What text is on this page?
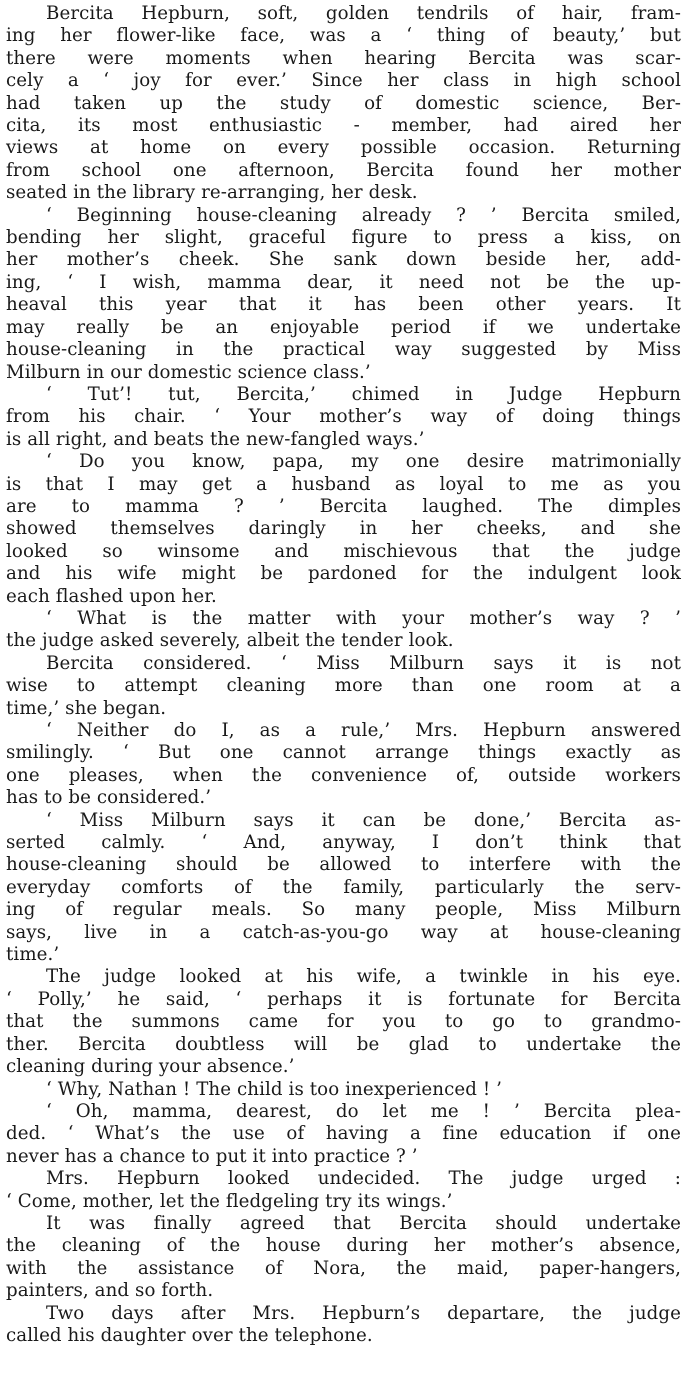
Bercita Hepburn, soft, golden tendrils of hair, fram-
ing her flower-like face, was a ‘ thing of beauty,’ but
there were moments when hearing Bercita was scar-
cely a ‘ joy for ever.’ Since her class in high school
had taken up the study of domestic science, Ber-
cita, its most enthusiastic - member, had aired her
views at home on every possible occasion. Returning
from school one afternoon, Bercita found her mother
seated in the library re-arranging, her desk.

‘ Beginning house-cleaning already ? ’ Bercita smiled,
bending her slight, graceful figure to press a kiss, on
her mother’s cheek. She sank down beside her, add-
ing, ‘ I wish, mamma dear, it need not be the up-
heaval this year that it has been other years. It
may really be an enjoyable period if we undertake
house-cleaning in the practical way suggested by Miss
Milburn in our domestic science class.’

‘ Tut’! tut, Bercita,’ chimed in Judge Hepburn
from his chair. ‘ Your mother’s way of doing things
is all right, and beats the new-fangled ways.’

‘ Do you know, papa, my one desire matrimonially
is that I may get a husband as loyal to me as you
are to mamma ? ’ Bercita laughed. The dimples
showed themselves daringly in her cheeks, and she
looked so winsome and mischievous that the judge
and his wife might be pardoned for the indulgent look
each flashed upon her.

‘ What is the matter with your mother’s way ? ’
the judge asked severely, albeit the tender look.

Bercita considered. ‘ Miss Milburn says it is not
wise to attempt cleaning more than one room at a
time,’ she began.

‘ Neither do I, as a rule,’ Mrs. Hepburn answered
smilingly. ‘ But one cannot arrange things exactly as
one pleases, when the convenience of, outside workers
has to be considered.’

‘ Miss Milburn says it can be done,’ Bercita as-
serted calmly. ‘ And, anyway, I don’t think that
house-cleaning should be allowed to interfere with the
everyday comforts of the family, particularly the serv-
ing of regular meals. So many people, Miss Milburn
says, live in a catch-as-you-go way at house-cleaning
time.’

The judge looked at his wife, a twinkle in his eye.
‘ Polly,’ he said, ‘ perhaps it is fortunate for Bercita
that the summons came for you to go to grandmo-
ther. Bercita doubtless will be glad to undertake the
cleaning during your absence.’

‘ Why, Nathan ! The child is too inexperienced ! ’

‘ Oh, mamma, dearest, do let me ! ’ Bercita plea-
ded. ‘ What’s the use of having a fine education if one
never has a chance to put it into practice ? ’

Mrs. Hepburn looked undecided. The judge urged :
‘ Come, mother, let the fledgeling try its wings.’

It was finally agreed that Bercita should undertake
the cleaning of the house during her mother’s absence,
with the assistance of Nora, the maid, paper-hangers,
painters, and so forth.

Two days after Mrs. Hepburn’s departare, the judge
called his daughter over the telephone.
